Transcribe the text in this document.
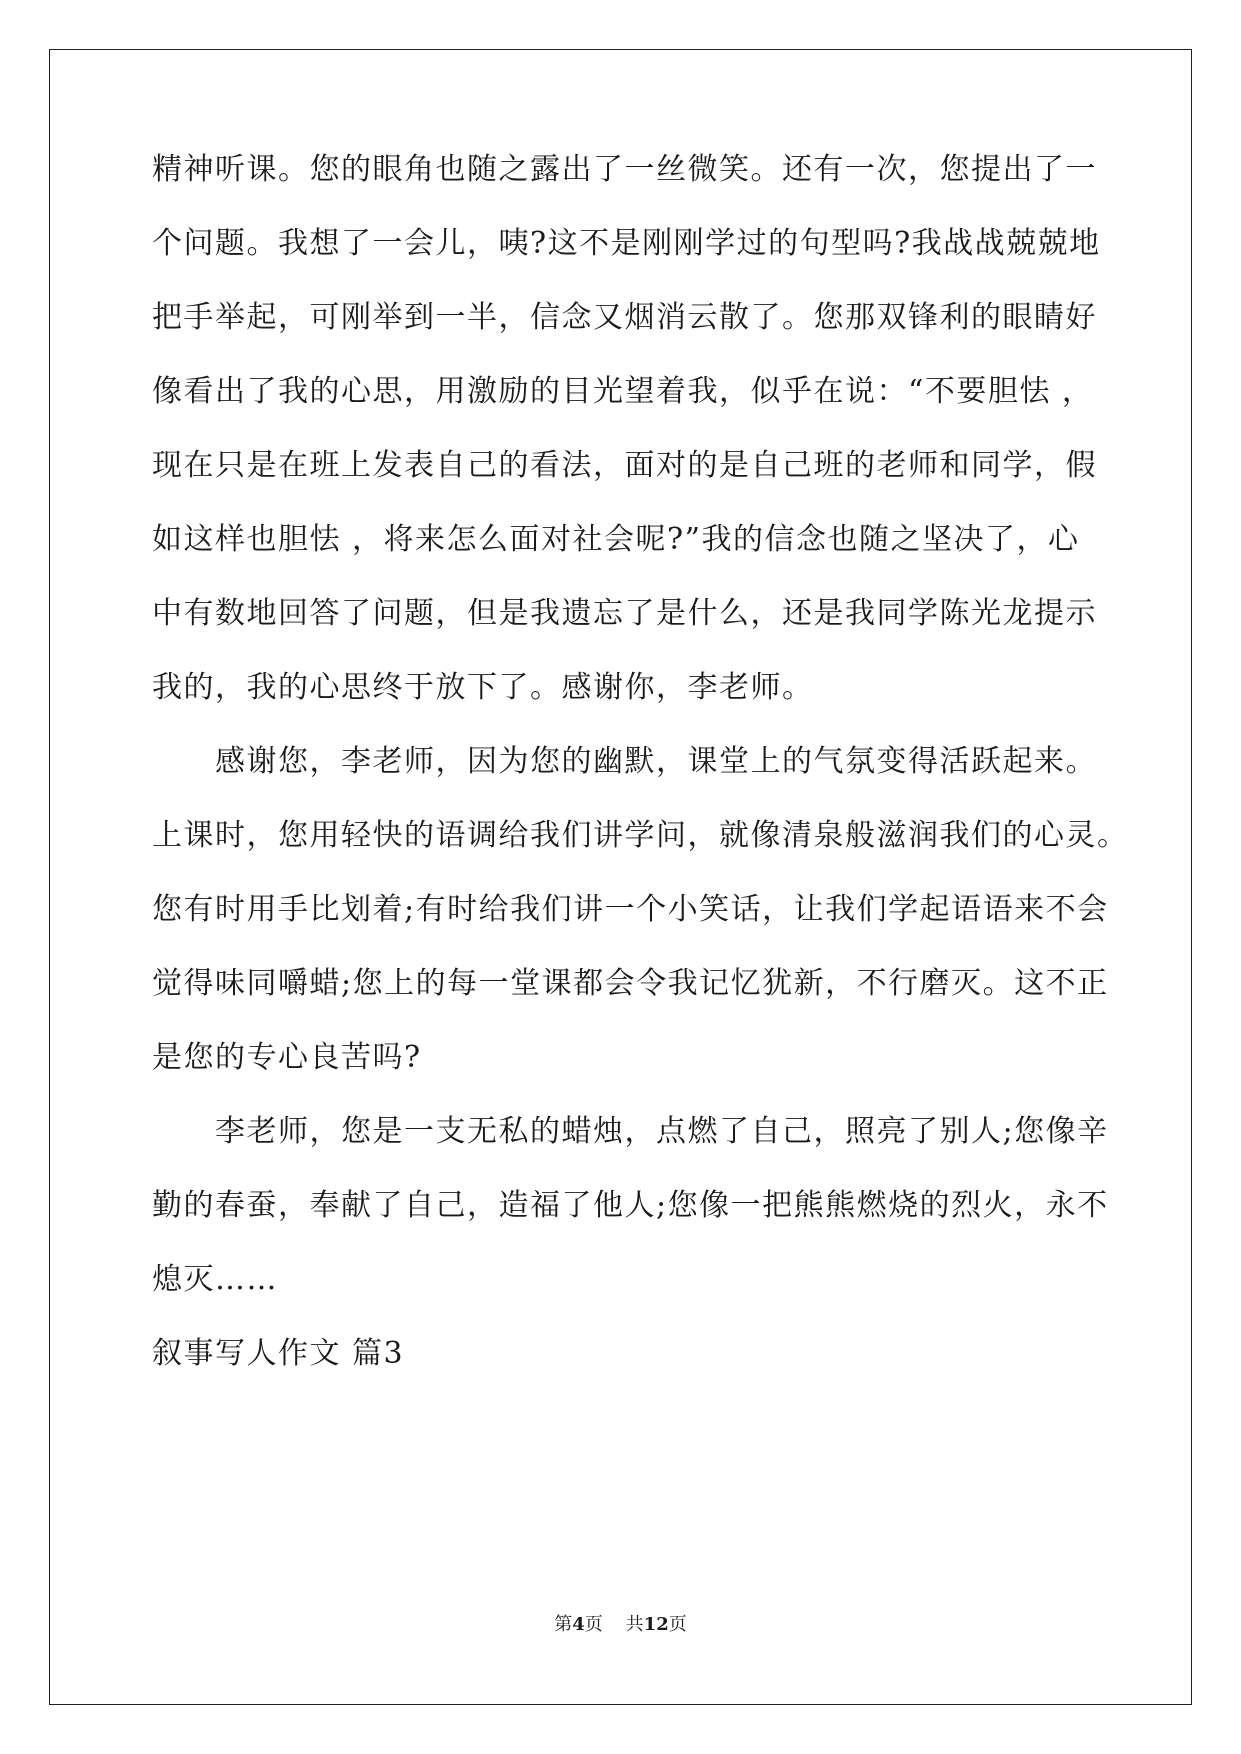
精神听课。您的眼角也随之露出了一丝微笑。还有一次，您提出了一
个问题。我想了一会儿，咦?这不是刚刚学过的句型吗?我战战兢兢地
把手举起，可刚举到一半，信念又烟消云散了。您那双锋利的眼睛好
像看出了我的心思，用激励的目光望着我，似乎在说：“不要胆怯 ，
现在只是在班上发表自己的看法，面对的是自己班的老师和同学，假
如这样也胆怯 ，将来怎么面对社会呢?”我的信念也随之坚决了，心
中有数地回答了问题，但是我遗忘了是什么，还是我同学陈光龙提示
我的，我的心思终于放下了。感谢你，李老师。
感谢您，李老师，因为您的幽默，课堂上的气氛变得活跃起来。
上课时，您用轻快的语调给我们讲学问，就像清泉般滋润我们的心灵。
您有时用手比划着;有时给我们讲一个小笑话，让我们学起语语来不会
觉得味同嚼蜡;您上的每一堂课都会令我记忆犹新，不行磨灭。这不正
是您的专心良苦吗?
李老师，您是一支无私的蜡烛，点燃了自己，照亮了别人;您像辛
勤的春蚕，奉献了自己，造福了他人;您像一把熊熊燃烧的烈火，永不
熄灭……
叙事写人作文 篇3
第4页 共12页
